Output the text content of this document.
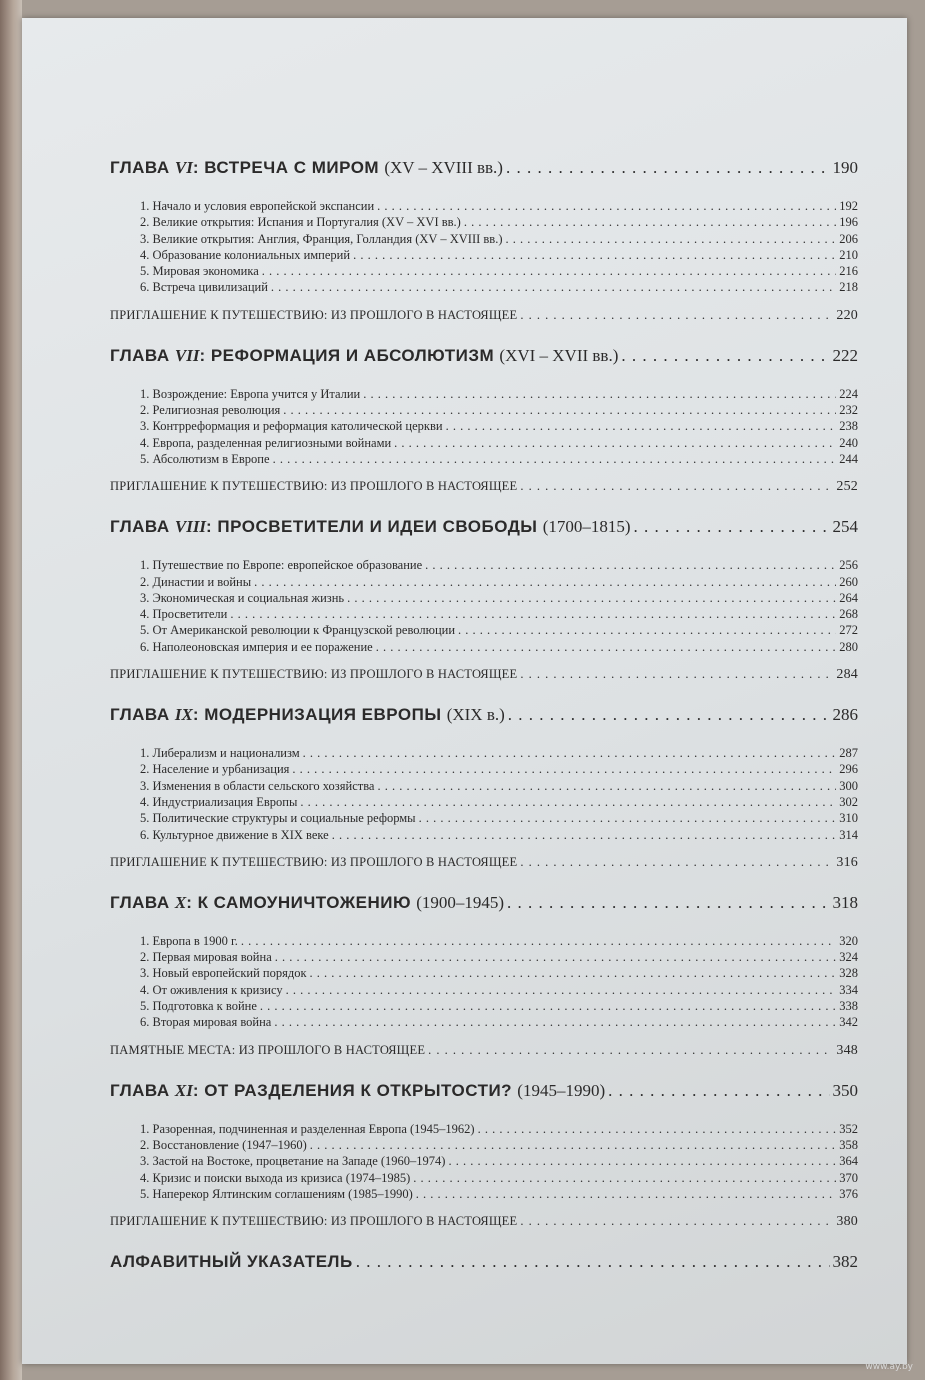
ГЛАВА VI: ВСТРЕЧА С МИРОМ (XV – XVIII вв.) . . .	190
1. Начало и условия европейской экспансии . . .	192
2. Великие открытия: Испания и Португалия (XV – XVI вв.) . . .	196
3. Великие открытия: Англия, Франция, Голландия (XV – XVIII вв.) . . .	206
4. Образование колониальных империй . . .	210
5. Мировая экономика . . .	216
6. Встреча цивилизаций . . .	218
ПРИГЛАШЕНИЕ К ПУТЕШЕСТВИЮ: ИЗ ПРОШЛОГО В НАСТОЯЩЕЕ . . .	220
ГЛАВА VII: РЕФОРМАЦИЯ И АБСОЛЮТИЗМ (XVI – XVII вв.) . . .	222
1. Возрождение: Европа учится у Италии . . .	224
2. Религиозная революция . . .	232
3. Контрреформация и реформация католической церкви . . .	238
4. Европа, разделенная религиозными войнами . . .	240
5. Абсолютизм в Европе . . .	244
ПРИГЛАШЕНИЕ К ПУТЕШЕСТВИЮ: ИЗ ПРОШЛОГО В НАСТОЯЩЕЕ . . .	252
ГЛАВА VIII: ПРОСВЕТИТЕЛИ И ИДЕИ СВОБОДЫ (1700–1815) . . .	254
1. Путешествие по Европе: европейское образование . . .	256
2. Династии и войны . . .	260
3. Экономическая и социальная жизнь . . .	264
4. Просветители . . .	268
5. От Американской революции к Французской революции . . .	272
6. Наполеоновская империя и ее поражение . . .	280
ПРИГЛАШЕНИЕ К ПУТЕШЕСТВИЮ: ИЗ ПРОШЛОГО В НАСТОЯЩЕЕ . . .	284
ГЛАВА IX: МОДЕРНИЗАЦИЯ ЕВРОПЫ (XIX в.) . . .	286
1. Либерализм и национализм . . .	287
2. Население и урбанизация . . .	296
3. Изменения в области сельского хозяйства . . .	300
4. Индустриализация Европы . . .	302
5. Политические структуры и социальные реформы . . .	310
6. Культурное движение в XIX веке . . .	314
ПРИГЛАШЕНИЕ К ПУТЕШЕСТВИЮ: ИЗ ПРОШЛОГО В НАСТОЯЩЕЕ . . .	316
ГЛАВА X: К САМОУНИЧТОЖЕНИЮ (1900–1945) . . .	318
1. Европа в 1900 г. . . .	320
2. Первая мировая война . . .	324
3. Новый европейский порядок . . .	328
4. От оживления к кризису . . .	334
5. Подготовка к войне . . .	338
6. Вторая мировая война . . .	342
ПАМЯТНЫЕ МЕСТА: ИЗ ПРОШЛОГО В НАСТОЯЩЕЕ . . .	348
ГЛАВА XI: ОТ РАЗДЕЛЕНИЯ К ОТКРЫТОСТИ? (1945–1990) . . .	350
1. Разоренная, подчиненная и разделенная Европа (1945–1962) . . .	352
2. Восстановление (1947–1960) . . .	358
3. Застой на Востоке, процветание на Западе (1960–1974) . . .	364
4. Кризис и поиски выхода из кризиса (1974–1985) . . .	370
5. Наперекор Ялтинским соглашениям (1985–1990) . . .	376
ПРИГЛАШЕНИЕ К ПУТЕШЕСТВИЮ: ИЗ ПРОШЛОГО В НАСТОЯЩЕЕ . . .	380
АЛФАВИТНЫЙ УКАЗАТЕЛЬ . . .	382
www.ay.by
